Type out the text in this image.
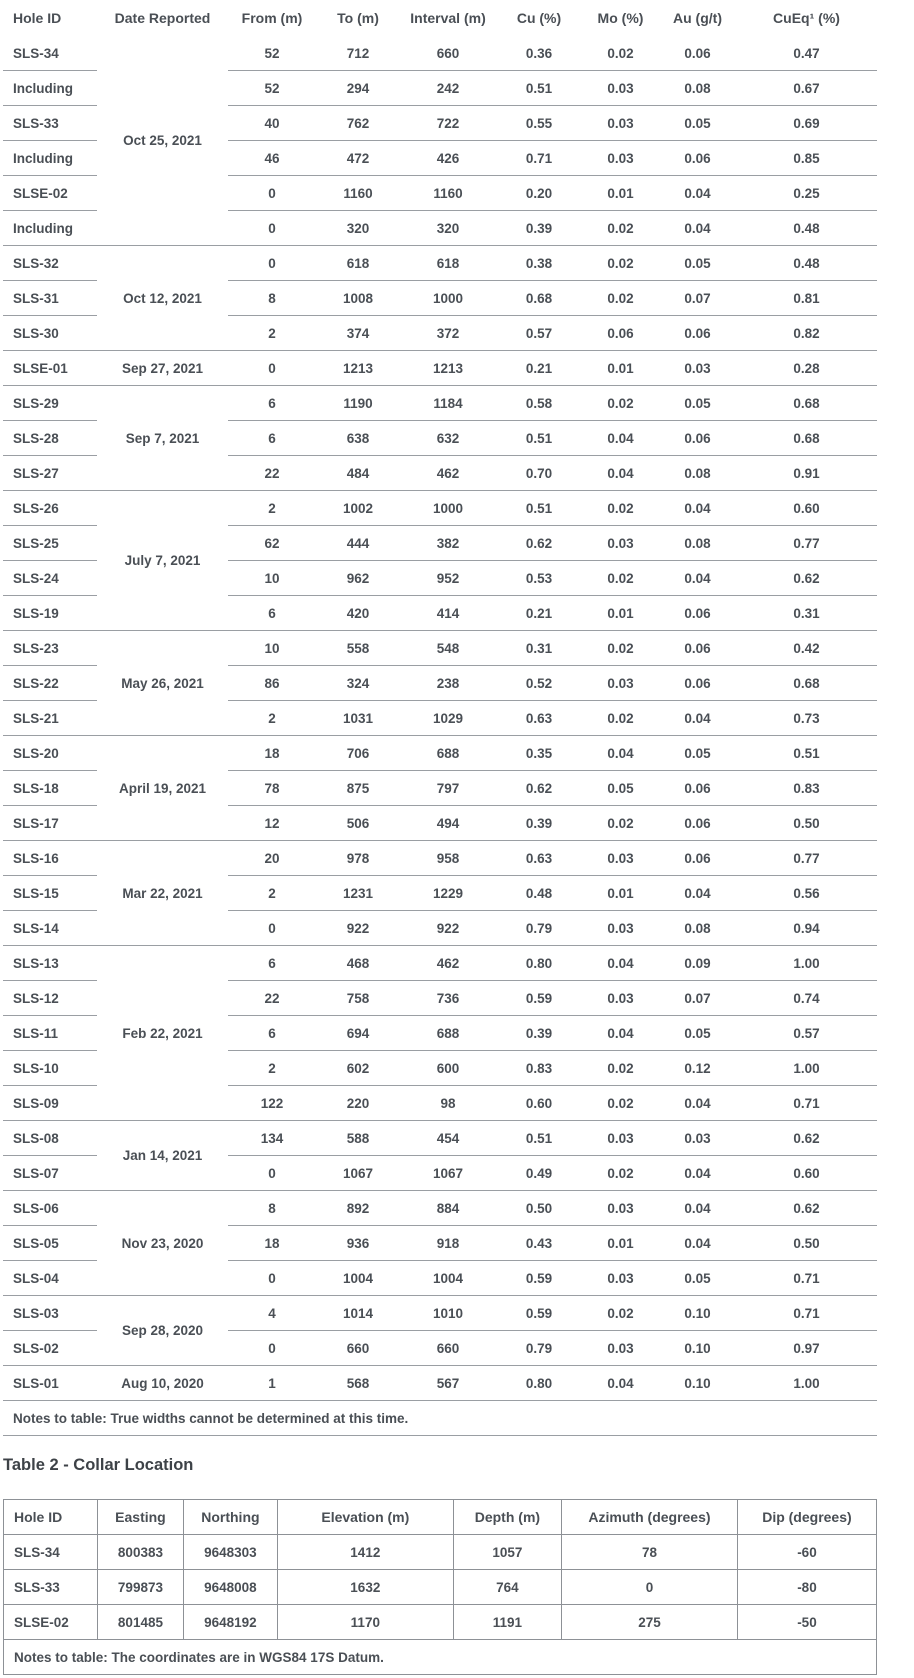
Hole ID	Date Reported	From (m)	To (m)	Interval (m)	Cu (%)	Mo (%)	Au (g/t)	CuEq¹ (%)
SLS-34	Oct 25, 2021	52	712	660	0.36	0.02	0.06	0.47
Including		52	294	242	0.51	0.03	0.08	0.67
SLS-33		40	762	722	0.55	0.03	0.05	0.69
Including		46	472	426	0.71	0.03	0.06	0.85
SLSE-02		0	1160	1160	0.20	0.01	0.04	0.25
Including		0	320	320	0.39	0.02	0.04	0.48
SLS-32	Oct 12, 2021	0	618	618	0.38	0.02	0.05	0.48
SLS-31		8	1008	1000	0.68	0.02	0.07	0.81
SLS-30		2	374	372	0.57	0.06	0.06	0.82
SLSE-01	Sep 27, 2021	0	1213	1213	0.21	0.01	0.03	0.28
SLS-29	Sep 7, 2021	6	1190	1184	0.58	0.02	0.05	0.68
SLS-28		6	638	632	0.51	0.04	0.06	0.68
SLS-27		22	484	462	0.70	0.04	0.08	0.91
SLS-26	July 7, 2021	2	1002	1000	0.51	0.02	0.04	0.60
SLS-25		62	444	382	0.62	0.03	0.08	0.77
SLS-24		10	962	952	0.53	0.02	0.04	0.62
SLS-19		6	420	414	0.21	0.01	0.06	0.31
SLS-23	May 26, 2021	10	558	548	0.31	0.02	0.06	0.42
SLS-22		86	324	238	0.52	0.03	0.06	0.68
SLS-21		2	1031	1029	0.63	0.02	0.04	0.73
SLS-20	April 19, 2021	18	706	688	0.35	0.04	0.05	0.51
SLS-18		78	875	797	0.62	0.05	0.06	0.83
SLS-17		12	506	494	0.39	0.02	0.06	0.50
SLS-16	Mar 22, 2021	20	978	958	0.63	0.03	0.06	0.77
SLS-15		2	1231	1229	0.48	0.01	0.04	0.56
SLS-14		0	922	922	0.79	0.03	0.08	0.94
SLS-13	Feb 22, 2021	6	468	462	0.80	0.04	0.09	1.00
SLS-12		22	758	736	0.59	0.03	0.07	0.74
SLS-11		6	694	688	0.39	0.04	0.05	0.57
SLS-10		2	602	600	0.83	0.02	0.12	1.00
SLS-09		122	220	98	0.60	0.02	0.04	0.71
SLS-08	Jan 14, 2021	134	588	454	0.51	0.03	0.03	0.62
SLS-07		0	1067	1067	0.49	0.02	0.04	0.60
SLS-06	Nov 23, 2020	8	892	884	0.50	0.03	0.04	0.62
SLS-05		18	936	918	0.43	0.01	0.04	0.50
SLS-04		0	1004	1004	0.59	0.03	0.05	0.71
SLS-03	Sep 28, 2020	4	1014	1010	0.59	0.02	0.10	0.71
SLS-02		0	660	660	0.79	0.03	0.10	0.97
SLS-01	Aug 10, 2020	1	568	567	0.80	0.04	0.10	1.00
Notes to table: True widths cannot be determined at this time.								
Table 2 - Collar Location
Hole ID	Easting	Northing	Elevation (m)	Depth (m)	Azimuth (degrees)	Dip (degrees)
SLS-34	800383	9648303	1412	1057	78	-60
SLS-33	799873	9648008	1632	764	0	-80
SLSE-02	801485	9648192	1170	1191	275	-50
Notes to table: The coordinates are in WGS84 17S Datum.						
